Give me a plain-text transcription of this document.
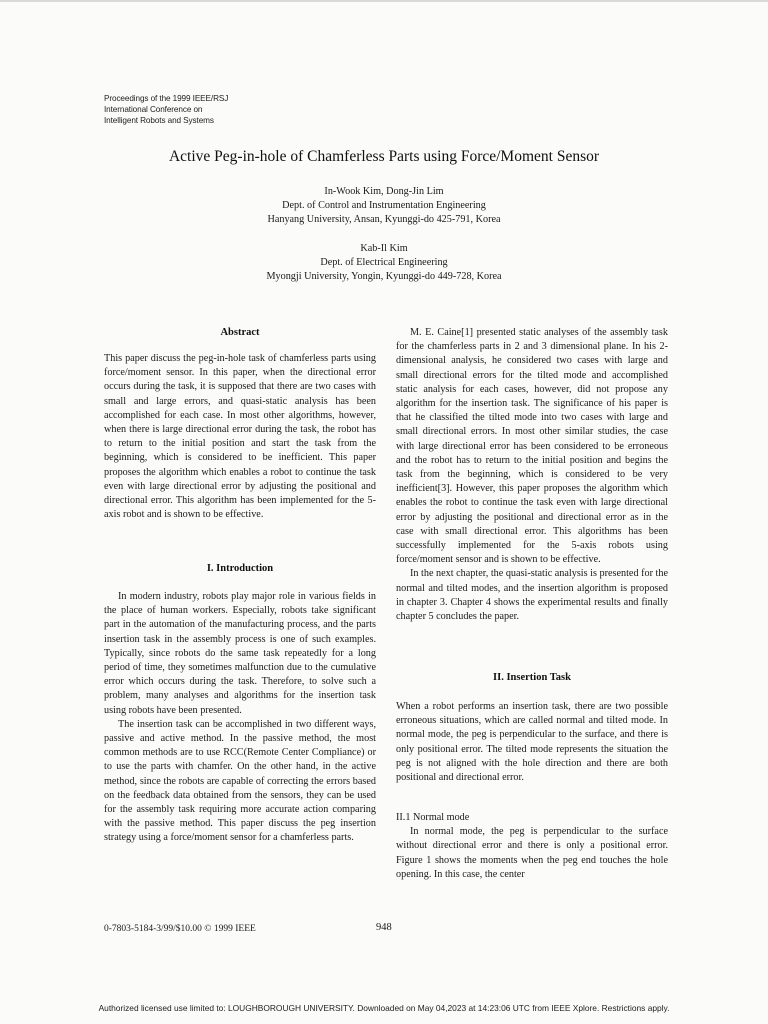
Proceedings of the 1999 IEEE/RSJ
International Conference on
Intelligent Robots and Systems
Active Peg-in-hole of Chamferless Parts using Force/Moment Sensor
In-Wook Kim, Dong-Jin Lim
Dept. of Control and Instrumentation Engineering
Hanyang University, Ansan, Kyunggi-do 425-791, Korea
Kab-Il Kim
Dept. of Electrical Engineering
Myongji University, Yongin, Kyunggi-do 449-728, Korea
Abstract

This paper discuss the peg-in-hole task of chamferless parts using force/moment sensor. In this paper, when the directional error occurs during the task, it is supposed that there are two cases with small and large errors, and quasi-static analysis has been accomplished for each case. In most other algorithms, however, when there is large directional error during the task, the robot has to return to the initial position and start the task from the beginning, which is considered to be inefficient. This paper proposes the algorithm which enables a robot to continue the task even with large directional error by adjusting the positional and directional error. This algorithm has been implemented for the 5-axis robot and is shown to be effective.

I. Introduction

In modern industry, robots play major role in various fields in the place of human workers. Especially, robots take significant part in the automation of the manufacturing process, and the parts insertion task in the assembly process is one of such examples. Typically, since robots do the same task repeatedly for a long period of time, they sometimes malfunction due to the cumulative error which occurs during the task. Therefore, to solve such a problem, many analyses and algorithms for the insertion task using robots have been presented.

The insertion task can be accomplished in two different ways, passive and active method. In the passive method, the most common methods are to use RCC(Remote Center Compliance) or to use the parts with chamfer. On the other hand, in the active method, since the robots are capable of correcting the errors based on the feedback data obtained from the sensors, they can be used for the assembly task requiring more accurate action comparing with the passive method. This paper discuss the peg insertion strategy using a force/moment sensor for a chamferless parts.

M. E. Caine[1] presented static analyses of the assembly task for the chamferless parts in 2 and 3 dimensional plane. In his 2-dimensional analysis, he considered two cases with large and small directional errors for the tilted mode and accomplished static analysis for each cases, however, did not propose any algorithm for the insertion task. The significance of his paper is that he classified the tilted mode into two cases with large and small directional errors. In most other similar studies, the case with large directional error has been considered to be erroneous and the robot has to return to the initial position and begins the task from the beginning, which is considered to be very inefficient[3]. However, this paper proposes the algorithm which enables the robot to continue the task even with large directional error by adjusting the positional and directional error as in the case with small directional error. This algorithms has been successfully implemented for the 5-axis robots using force/moment sensor and is shown to be effective.

In the next chapter, the quasi-static analysis is presented for the normal and tilted modes, and the insertion algorithm is proposed in chapter 3. Chapter 4 shows the experimental results and finally chapter 5 concludes the paper.

II. Insertion Task

When a robot performs an insertion task, there are two possible erroneous situations, which are called normal and tilted mode. In normal mode, the peg is perpendicular to the surface, and there is only positional error. The tilted mode represents the situation the peg is not aligned with the hole direction and there are both positional and directional error.

II.1 Normal mode

In normal mode, the peg is perpendicular to the surface without directional error and there is only a positional error. Figure 1 shows the moments when the peg end touches the hole opening. In this case, the center

0-7803-5184-3/99/$10.00 © 1999 IEEE	948
Authorized licensed use limited to: LOUGHBOROUGH UNIVERSITY. Downloaded on May 04,2023 at 14:23:06 UTC from IEEE Xplore. Restrictions apply.
